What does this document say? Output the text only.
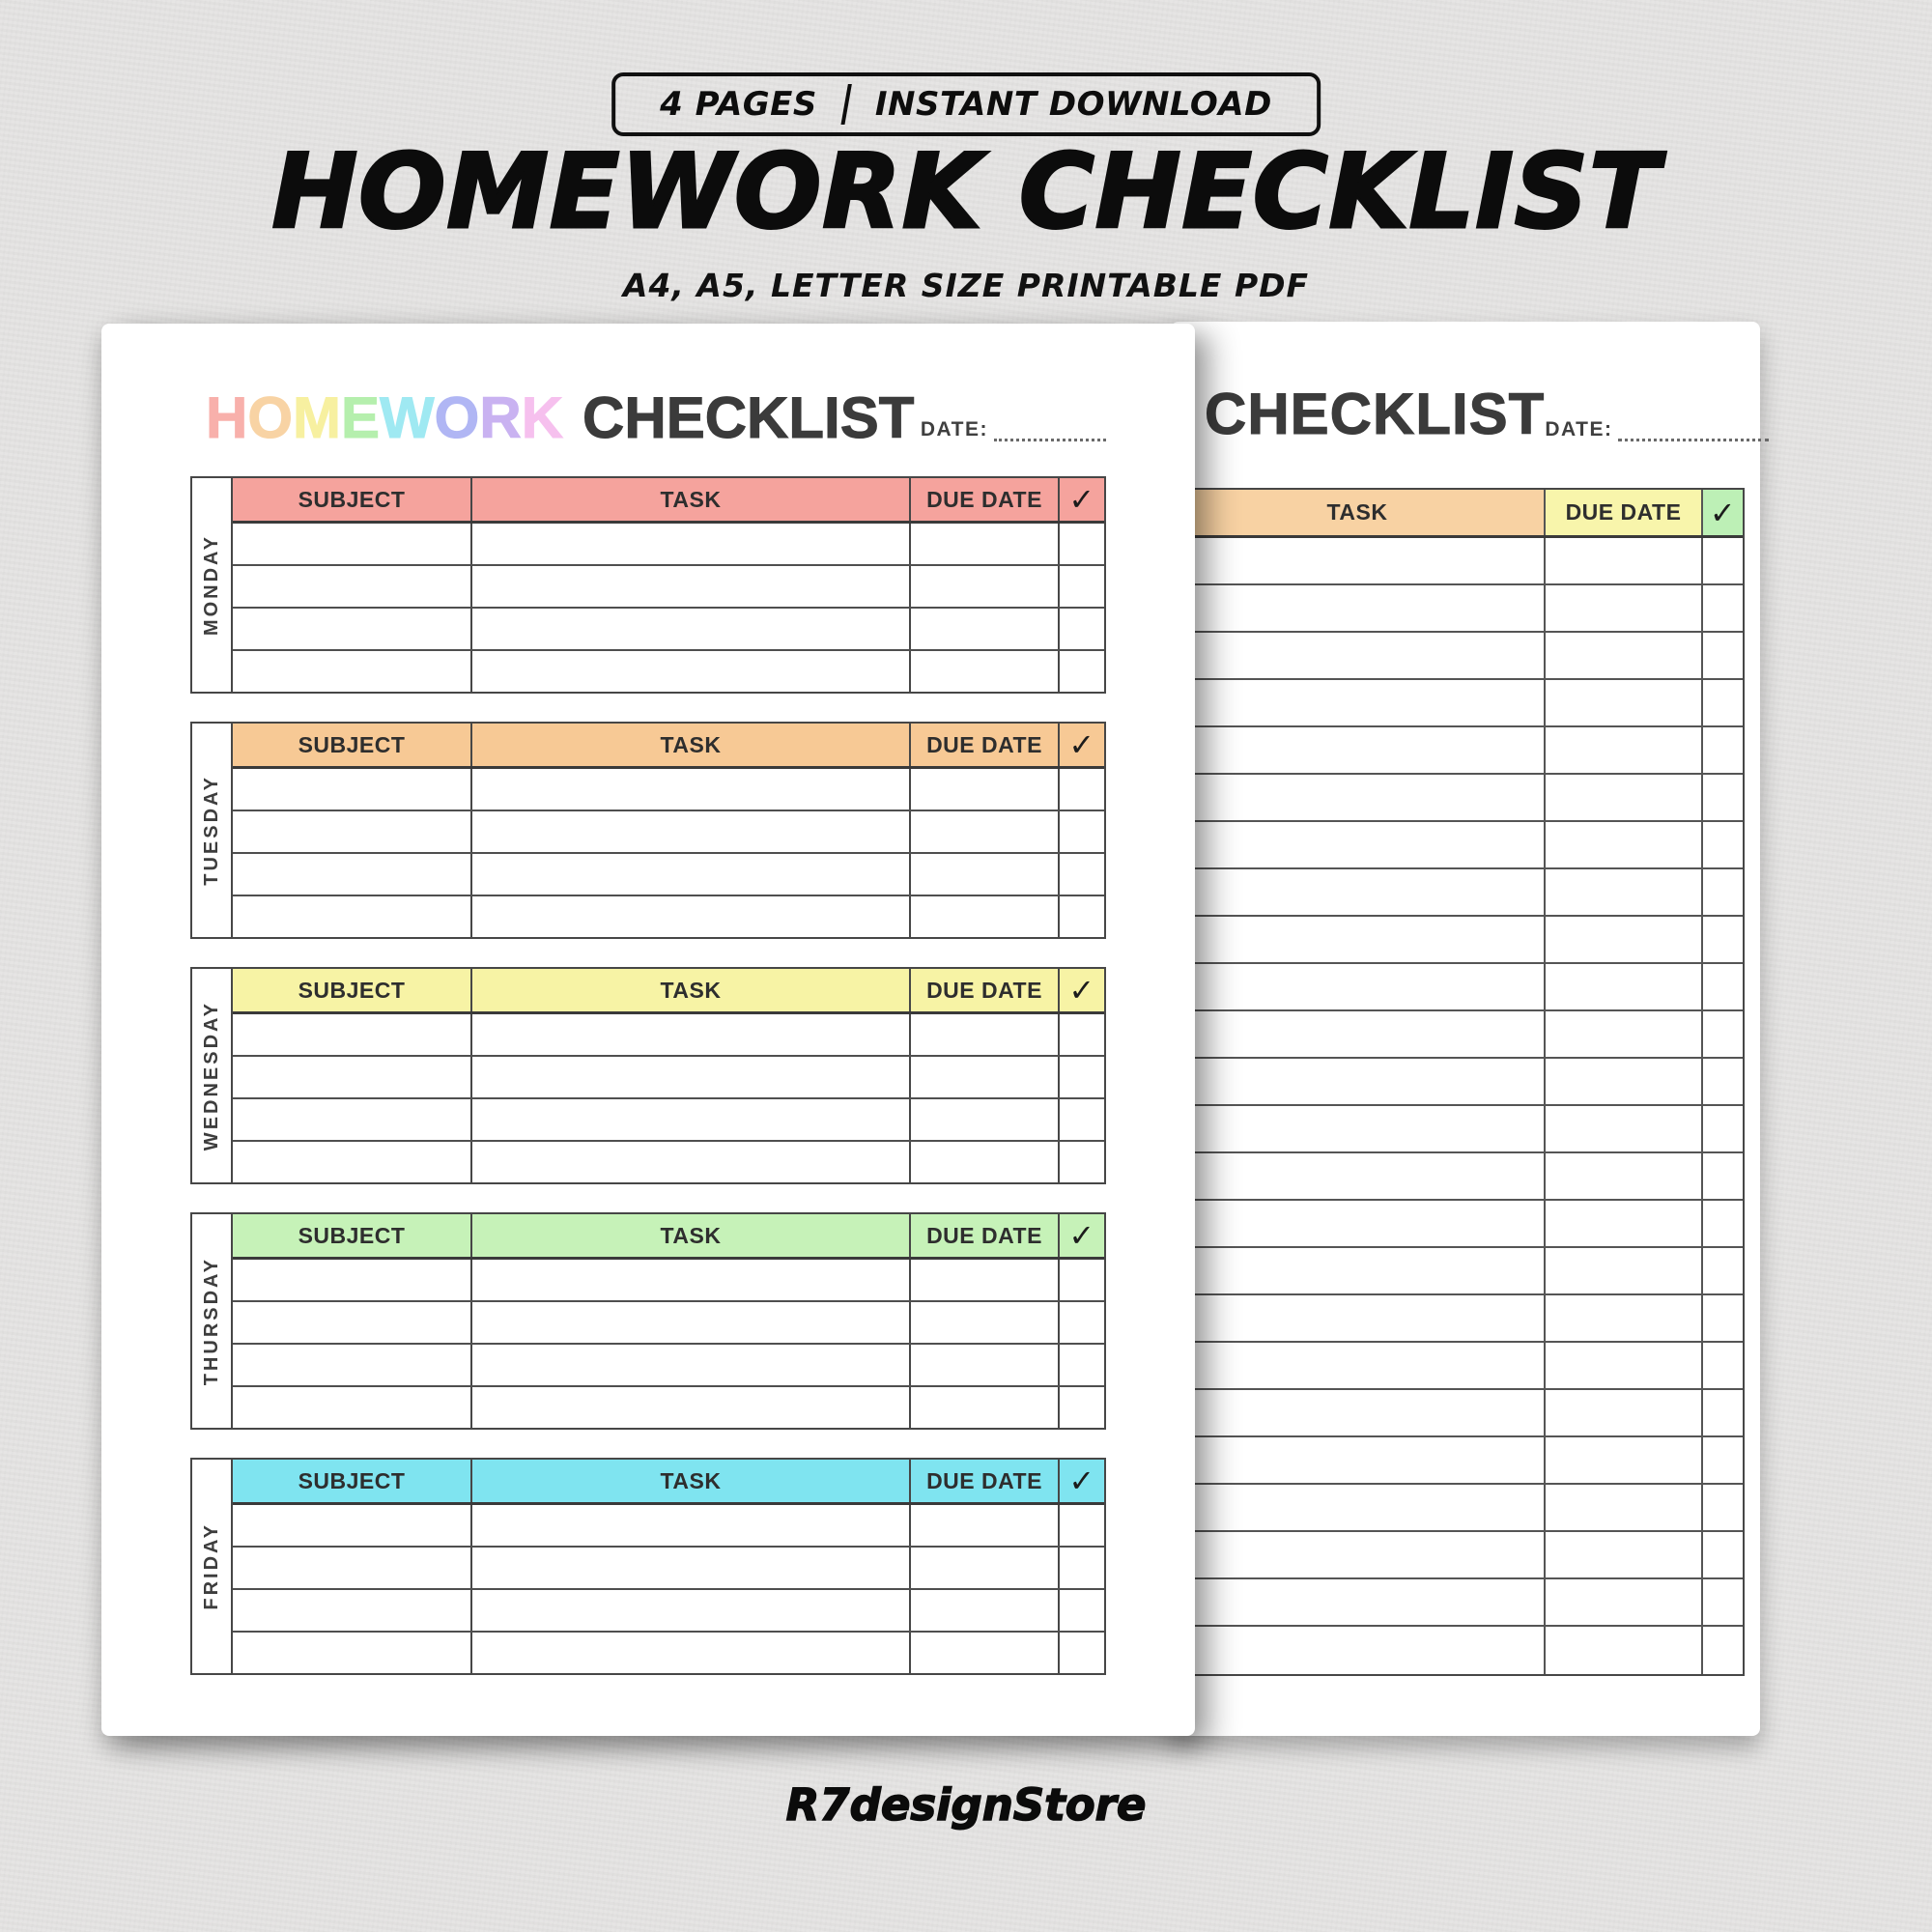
4 PAGES INSTANT DOWNLOAD
HOMEWORK CHECKLIST
A4, A5, LETTER SIZE PRINTABLE PDF
CHECKLIST DATE:
TASK	DUE DATE ✓
HOMEWORK CHECKLIST DATE:
MONDAY
SUBJECT	TASK	DUE DATE ✓
TUESDAY
SUBJECT	TASK	DUE DATE ✓
WEDNESDAY
SUBJECT	TASK	DUE DATE ✓
THURSDAY
SUBJECT	TASK	DUE DATE ✓
FRIDAY
SUBJECT	TASK	DUE DATE ✓
R7designStore
